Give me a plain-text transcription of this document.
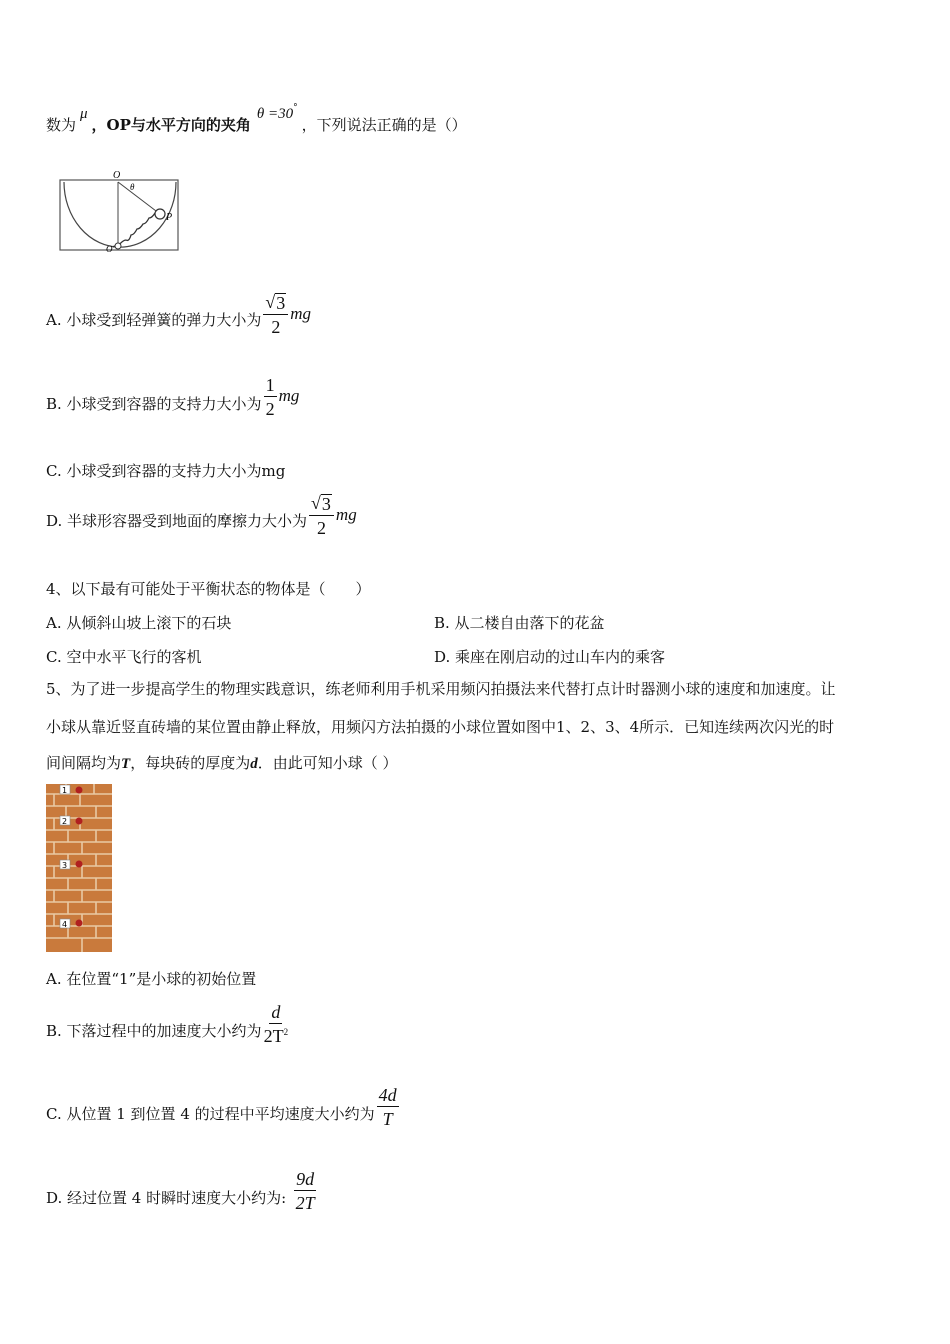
数为μ，OP与水平方向的夹角θ =30°，下列说法正确的是（）
O
θ
P
O'
A. 小球受到轻弹簧的弹力大小为 $\frac{√ 3}{2}$ mg
B. 小球受到容器的支持力大小为 $\frac{1}{2}$ mg
C. 小球受到容器的支持力大小为mg
D. 半球形容器受到地面的摩擦力大小为 $\frac{√ 3}{2}$ mg
4、以下最有可能处于平衡状态的物体是（　　）
A. 从倾斜山坡上滚下的石块	B. 从二楼自由落下的花盆
C. 空中水平飞行的客机	D. 乘座在刚启动的过山车内的乘客
5、为了进一步提高学生的物理实践意识，练老师利用手机采用频闪拍摄法来代替打点计时器测小球的速度和加速度。让
小球从靠近竖直砖墙的某位置由静止释放，用频闪方法拍摄的小球位置如图中1、2、3、4所示．已知连续两次闪光的时
间间隔均为 T ，每块砖的厚度为 d ．由此可知小球（ ）
1
2
3
4
A. 在位置“1”是小球的初始位置
B. 下落过程中的加速度大小约为 $\frac{d}{2T^2}$
C. 从位置 1 到位置 4 的过程中平均速度大小约为 $\frac{4d}{T}$
D. 经过位置 4 时瞬时速度大小约为: $\frac{9d}{2T}$
